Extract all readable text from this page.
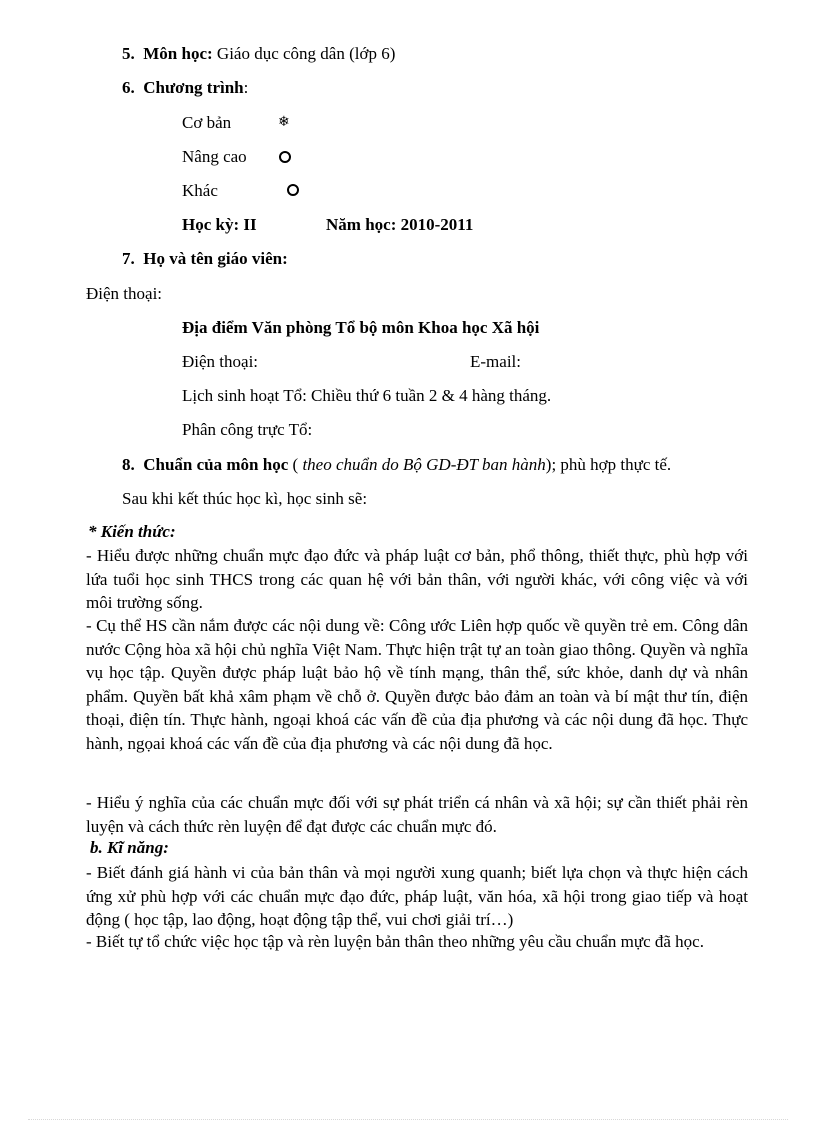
5. Môn học: Giáo dục công dân (lớp 6)
6. Chương trình:
Cơ bản	❄
Nâng cao
Khác
Học kỳ: II	Năm học: 2010-2011
7. Họ và tên giáo viên:
Điện thoại:
Địa điểm Văn phòng Tổ bộ môn Khoa học Xã hội
Điện thoại:	E-mail:
Lịch sinh hoạt Tổ: Chiều thứ 6 tuần 2 & 4 hàng tháng.
Phân công trực Tổ:
8. Chuẩn của môn học ( theo chuẩn do Bộ GD-ĐT ban hành); phù hợp thực tế.
Sau khi kết thúc học kì, học sinh sẽ:
* Kiến thức:
- Hiểu được những chuẩn mực đạo đức và pháp luật cơ bản, phổ thông, thiết thực, phù hợp với lứa tuổi học sinh THCS trong các quan hệ với bản thân, với người khác, với công việc và với môi trường sống.
- Cụ thể HS cần nắm được các nội dung về: Công ước Liên hợp quốc về quyền trẻ em. Công dân nước Cộng hòa xã hội chủ nghĩa Việt Nam. Thực hiện trật tự an toàn giao thông. Quyền và nghĩa vụ học tập. Quyền được pháp luật bảo hộ về tính mạng, thân thể, sức khỏe, danh dự và nhân phẩm. Quyền bất khả xâm phạm về chỗ ở. Quyền được bảo đảm an toàn và bí mật thư tín, điện thoại, điện tín. Thực hành, ngoại khoá các vấn đề của địa phương và các nội dung đã học. Thực hành, ngọai khoá các vấn đề của địa phương và các nội dung đã học.
- Hiểu ý nghĩa của các chuẩn mực đối với sự phát triển cá nhân và xã hội; sự cần thiết phải rèn luyện và cách thức rèn luyện để đạt được các chuẩn mực đó.
b. Kĩ năng:
- Biết đánh giá hành vi của bản thân và mọi người xung quanh; biết lựa chọn và thực hiện cách ứng xử phù hợp với các chuẩn mực đạo đức, pháp luật, văn hóa, xã hội trong giao tiếp và hoạt động ( học tập, lao động, hoạt động tập thể, vui chơi giải trí…)
- Biết tự tổ chức việc học tập và rèn luyện bản thân theo những yêu cầu chuẩn mực đã học.
